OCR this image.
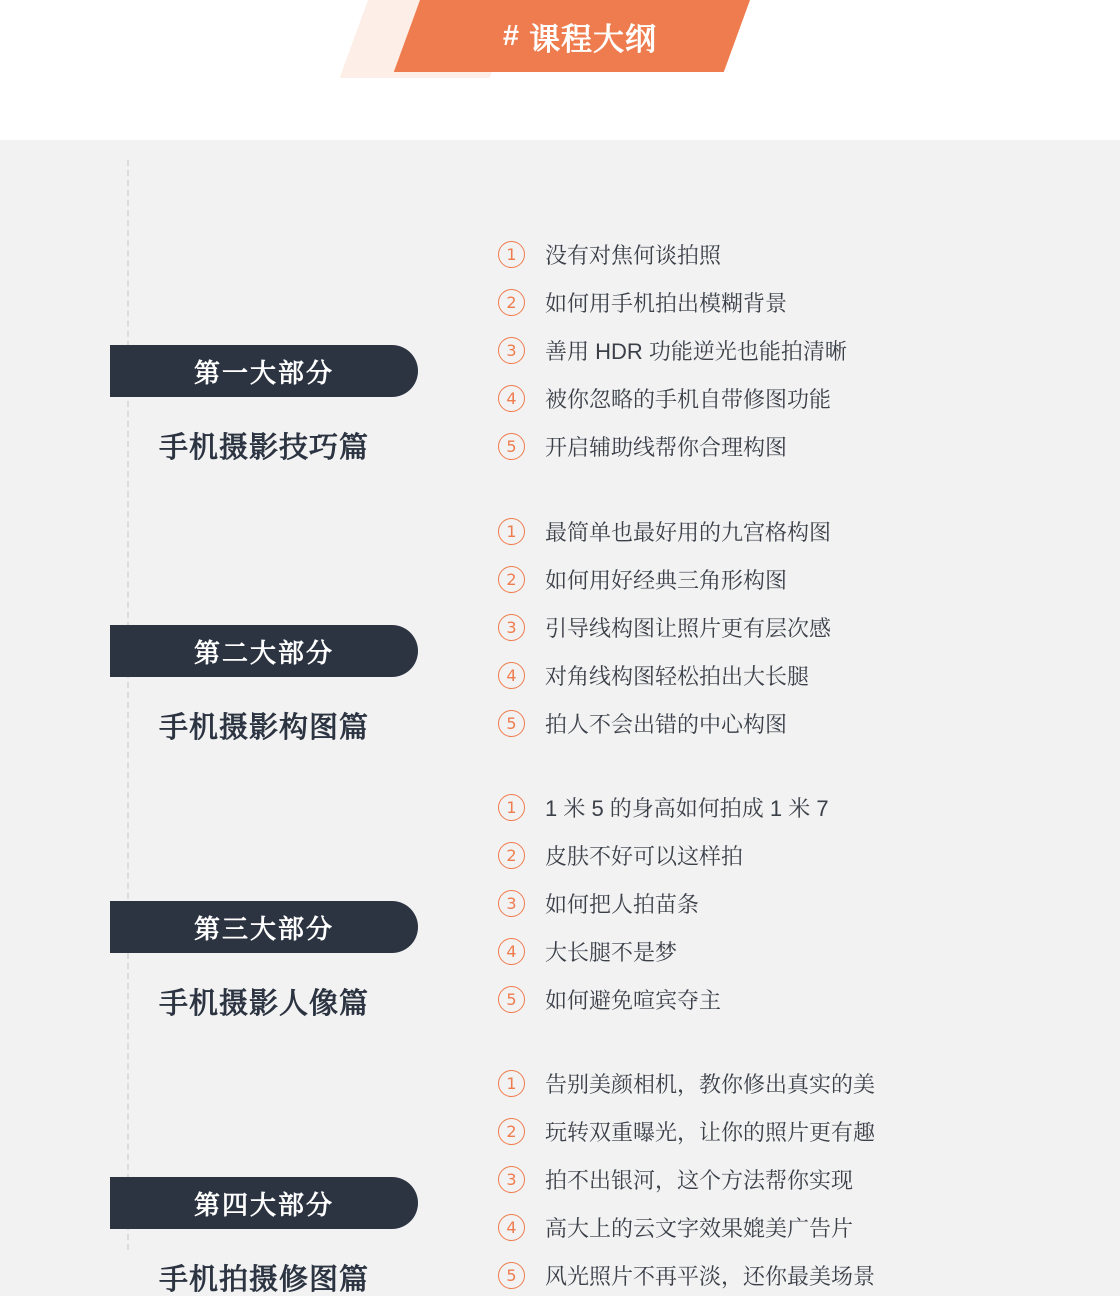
# 课程大纲
第一大部分
手机摄影技巧篇
1	没有对焦何谈拍照
2	如何用手机拍出模糊背景
3	善用 HDR 功能逆光也能拍清晰
4	被你忽略的手机自带修图功能
5	开启辅助线帮你合理构图
第二大部分
手机摄影构图篇
1	最简单也最好用的九宫格构图
2	如何用好经典三角形构图
3	引导线构图让照片更有层次感
4	对角线构图轻松拍出大长腿
5	拍人不会出错的中心构图
第三大部分
手机摄影人像篇
1	1 米 5 的身高如何拍成 1 米 7
2	皮肤不好可以这样拍
3	如何把人拍苗条
4	大长腿不是梦
5	如何避免喧宾夺主
第四大部分
手机拍摄修图篇
1	告别美颜相机，教你修出真实的美
2	玩转双重曝光，让你的照片更有趣
3	拍不出银河，这个方法帮你实现
4	高大上的云文字效果媲美广告片
5	风光照片不再平淡，还你最美场景
